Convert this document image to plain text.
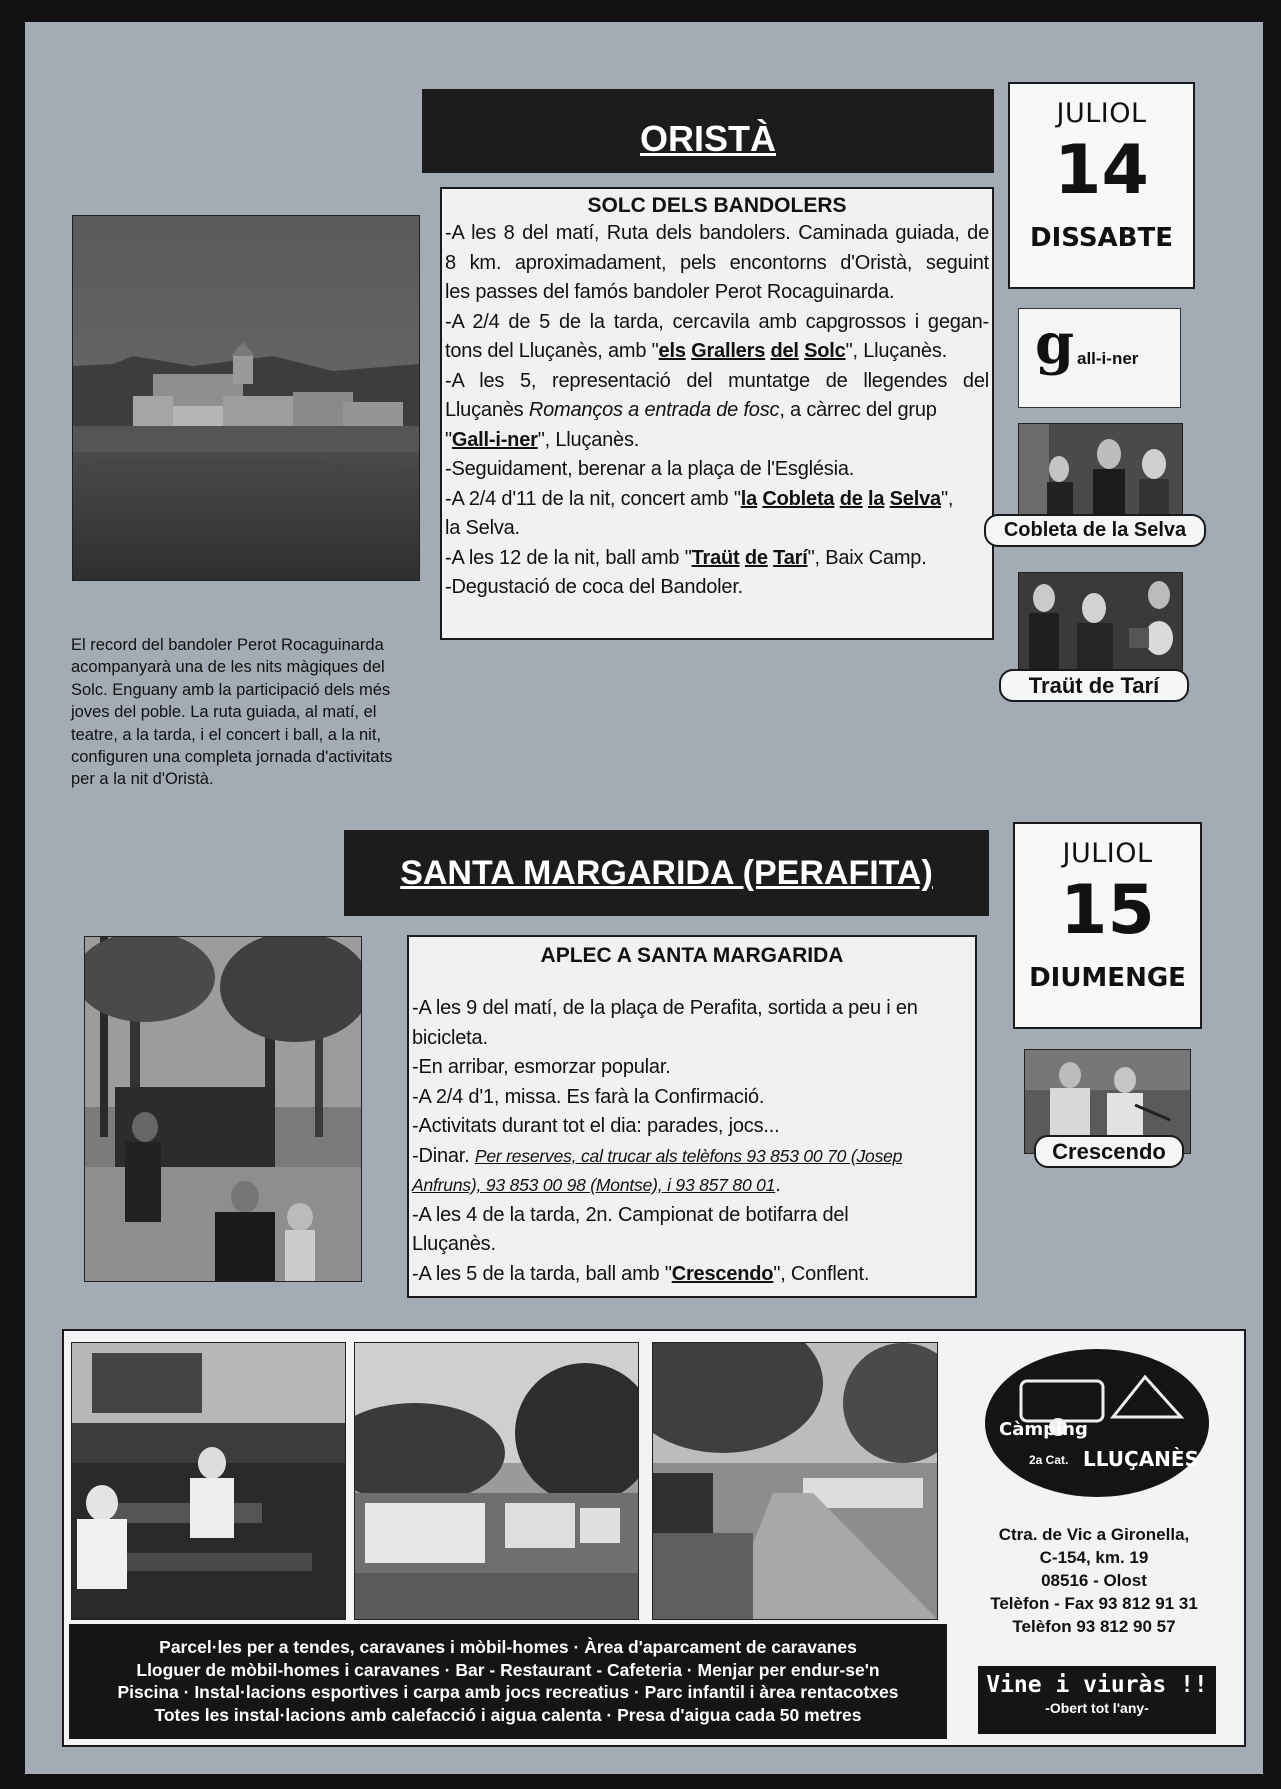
ORISTÀ
El record del bandoler Perot Rocaguinarda
acompanyarà una de les nits màgiques del
Solc. Enguany amb la participació dels més
joves del poble. La ruta guiada, al matí, el
teatre, a la tarda, i el concert i ball, a la nit,
configuren una completa jornada d'activitats
per a la nit d'Oristà.
SOLC DELS BANDOLERS
-A les 8 del matí, Ruta dels bandolers. Caminada guiada, de
8 km. aproximadament, pels encontorns d'Oristà, seguint
les passes del famós bandoler Perot Rocaguinarda.
-A 2/4 de 5 de la tarda, cercavila amb capgrossos i gegan-
tons del Lluçanès, amb "els Grallers del Solc", Lluçanès.
-A les 5, representació del muntatge de llegendes del
Lluçanès Romanços a entrada de fosc, a càrrec del grup
"Gall-i-ner", Lluçanès.
-Seguidament, berenar a la plaça de l'Església.
-A 2/4 d'11 de la nit, concert amb "la Cobleta de la Selva",
la Selva.
-A les 12 de la nit, ball amb "Traüt de Tarí", Baix Camp.
-Degustació de coca del Bandoler.
JULIOL
14
DISSABTE
g all-i-ner
Cobleta de la Selva
Traüt de Tarí
SANTA MARGARIDA (PERAFITA)
JULIOL
15
DIUMENGE
APLEC A SANTA MARGARIDA
-A les 9 del matí, de la plaça de Perafita, sortida a peu i en
bicicleta.
-En arribar, esmorzar popular.
-A 2/4 d'1, missa. Es farà la Confirmació.
-Activitats durant tot el dia: parades, jocs...
-Dinar. Per reserves, cal trucar als telèfons 93 853 00 70 (Josep
Anfruns), 93 853 00 98 (Montse), i 93 857 80 01.
-A les 4 de la tarda, 2n. Campionat de botifarra del
Lluçanès.
-A les 5 de la tarda, ball amb "Crescendo", Conflent.
Crescendo
Càmping
2a Cat. LLUÇANÈS
Ctra. de Vic a Gironella,
C-154, km. 19
08516 - Olost
Telèfon - Fax 93 812 91 31
Telèfon 93 812 90 57
Parcel·les per a tendes, caravanes i mòbil-homes · Àrea d'aparcament de caravanes
Lloguer de mòbil-homes i caravanes · Bar - Restaurant - Cafeteria · Menjar per endur-se'n
Piscina · Instal·lacions esportives i carpa amb jocs recreatius · Parc infantil i àrea rentacotxes
Totes les instal·lacions amb calefacció i aigua calenta · Presa d'aigua cada 50 metres
Vine i viuràs !!
-Obert tot l'any-
